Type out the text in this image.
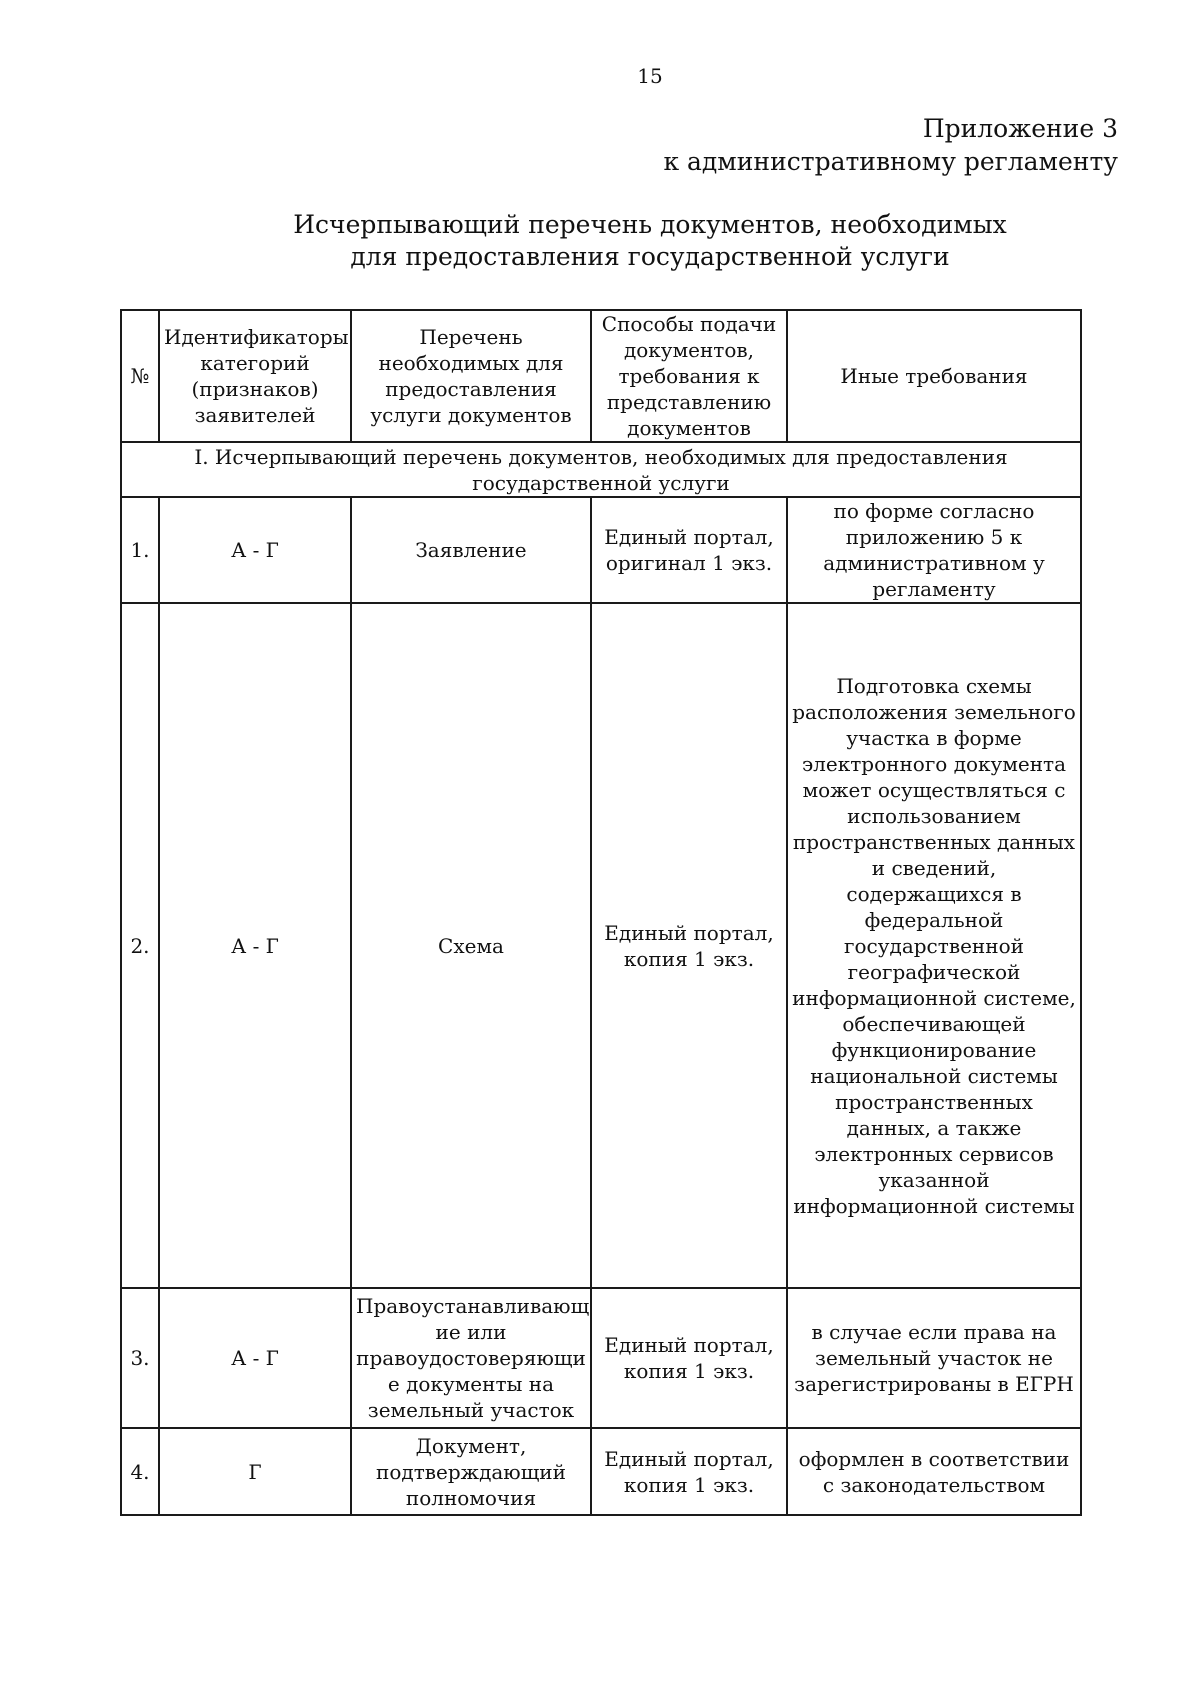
15
Приложение 3
к административному регламенту
Исчерпывающий перечень документов, необходимых
для предоставления государственной услуги
№	Идентификаторы категорий (признаков) заявителей	Перечень необходимых для предоставления услуги документов	Способы подачи документов, требования к представлению документов	Иные требования
I. Исчерпывающий перечень документов, необходимых для предоставления государственной услуги				
1.	А - Г	Заявление	Единый портал, оригинал 1 экз.	по форме согласно приложению 5 к административном у регламенту
2.	А - Г	Схема	Единый портал, копия 1 экз.	Подготовка схемы расположения земельного участка в форме электронного документа может осуществляться с использованием пространственных данных и сведений, содержащихся в федеральной государственной географической информационной системе, обеспечивающей функционирование национальной системы пространственных данных, а также электронных сервисов указанной информационной системы
3.	А - Г	Правоустанавливающ ие или правоудостоверяющи е документы на земельный участок	Единый портал, копия 1 экз.	в случае если права на земельный участок не зарегистрированы в ЕГРН
4.	Г	Документ, подтверждающий полномочия	Единый портал, копия 1 экз.	оформлен в соответствии с законодательством
